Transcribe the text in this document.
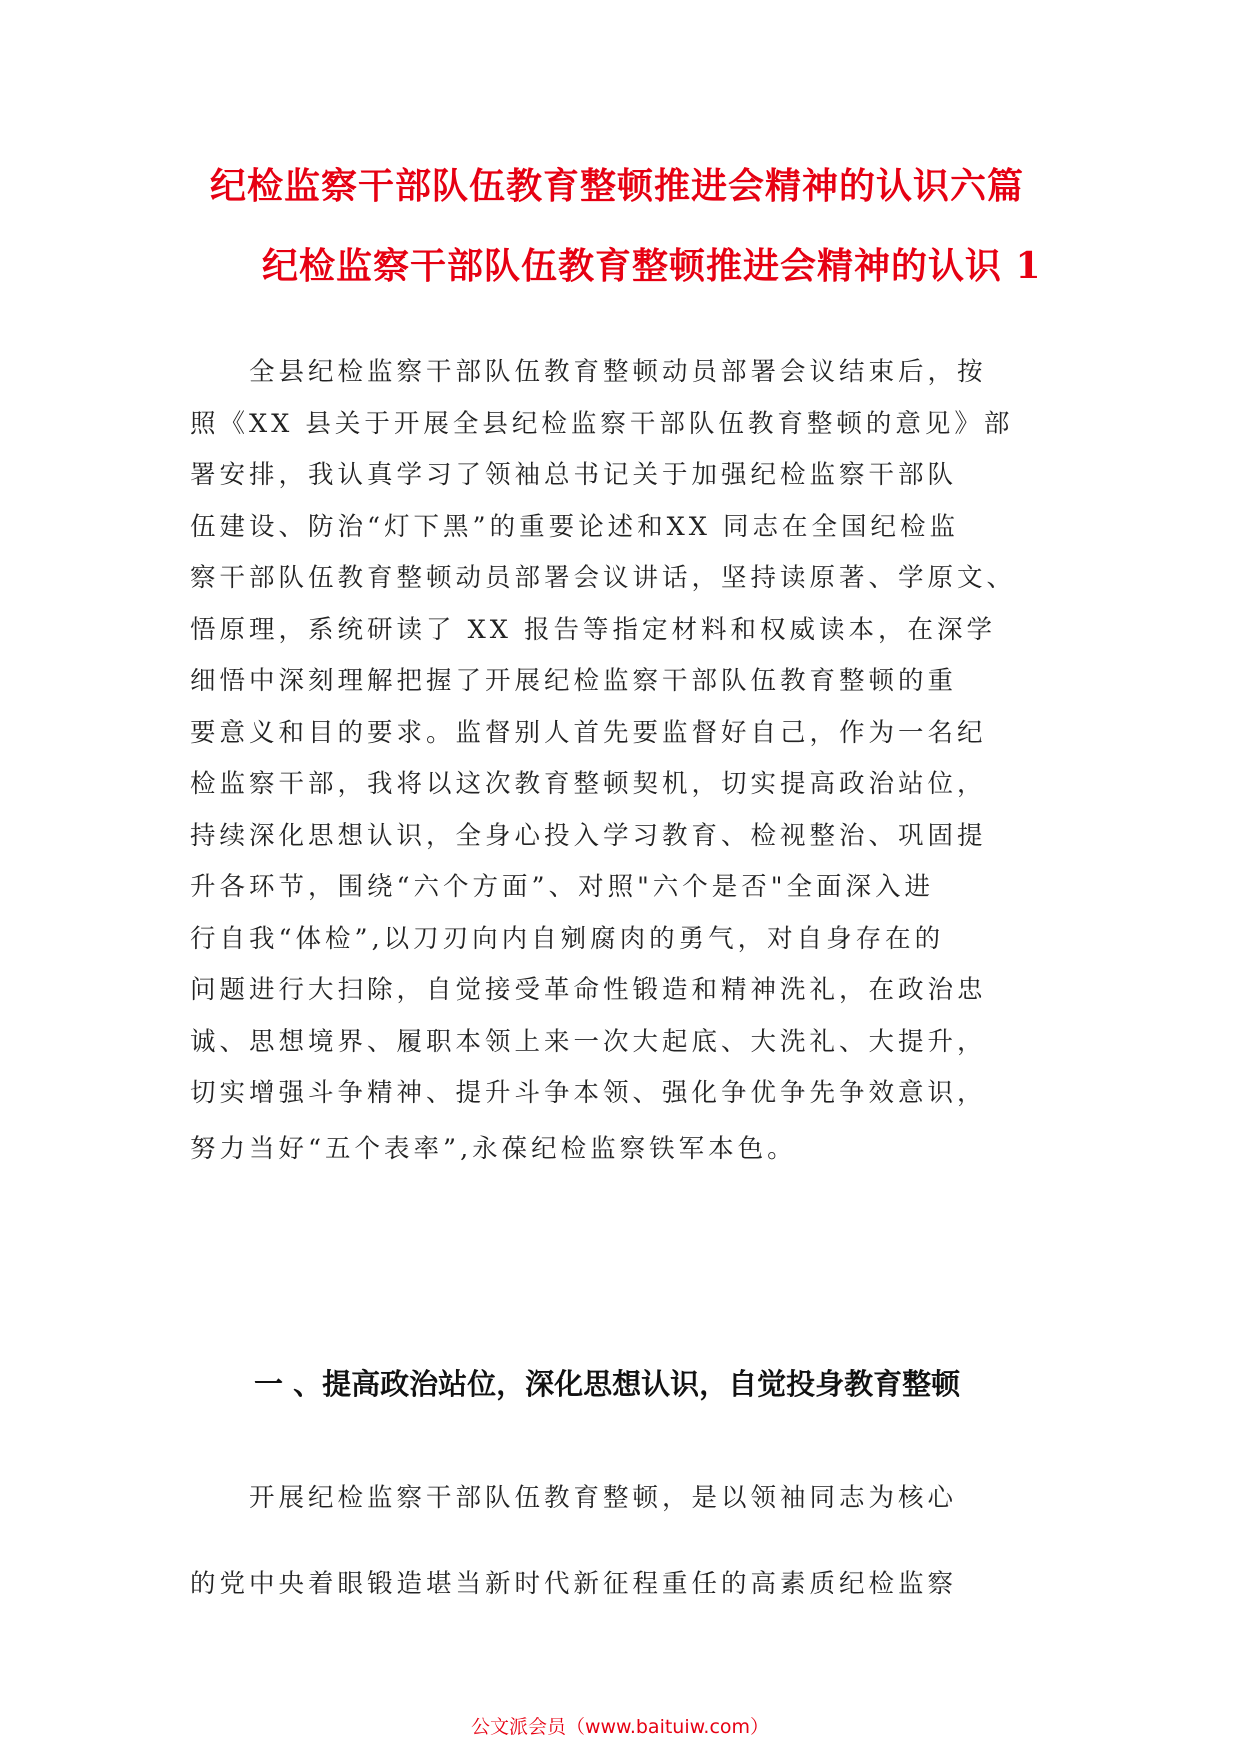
纪检监察干部队伍教育整顿推进会精神的认识六篇
纪检监察干部队伍教育整顿推进会精神的认识 1
　　全县纪检监察干部队伍教育整顿动员部署会议结束后，按
照《XX 县关于开展全县纪检监察干部队伍教育整顿的意见》部
署安排，我认真学习了领袖总书记关于加强纪检监察干部队
伍建设、防治“灯下黑”的重要论述和XX 同志在全国纪检监
察干部队伍教育整顿动员部署会议讲话，坚持读原著、学原文、
悟原理，系统研读了 XX 报告等指定材料和权威读本，在深学
细悟中深刻理解把握了开展纪检监察干部队伍教育整顿的重
要意义和目的要求。监督别人首先要监督好自己，作为一名纪
检监察干部，我将以这次教育整顿契机，切实提高政治站位，
持续深化思想认识，全身心投入学习教育、检视整治、巩固提
升各环节，围绕“六个方面”、对照"六个是否"全面深入进
行自我“体检”,以刀刃向内自剜腐肉的勇气，对自身存在的
问题进行大扫除，自觉接受革命性锻造和精神洗礼，在政治忠
诚、思想境界、履职本领上来一次大起底、大洗礼、大提升，
切实增强斗争精神、提升斗争本领、强化争优争先争效意识，
努力当好“五个表率”,永葆纪检监察铁军本色。
一 、提高政治站位，深化思想认识，自觉投身教育整顿
　　开展纪检监察干部队伍教育整顿，是以领袖同志为核心
的党中央着眼锻造堪当新时代新征程重任的高素质纪检监察
公文派会员（www.baituiw.com）
